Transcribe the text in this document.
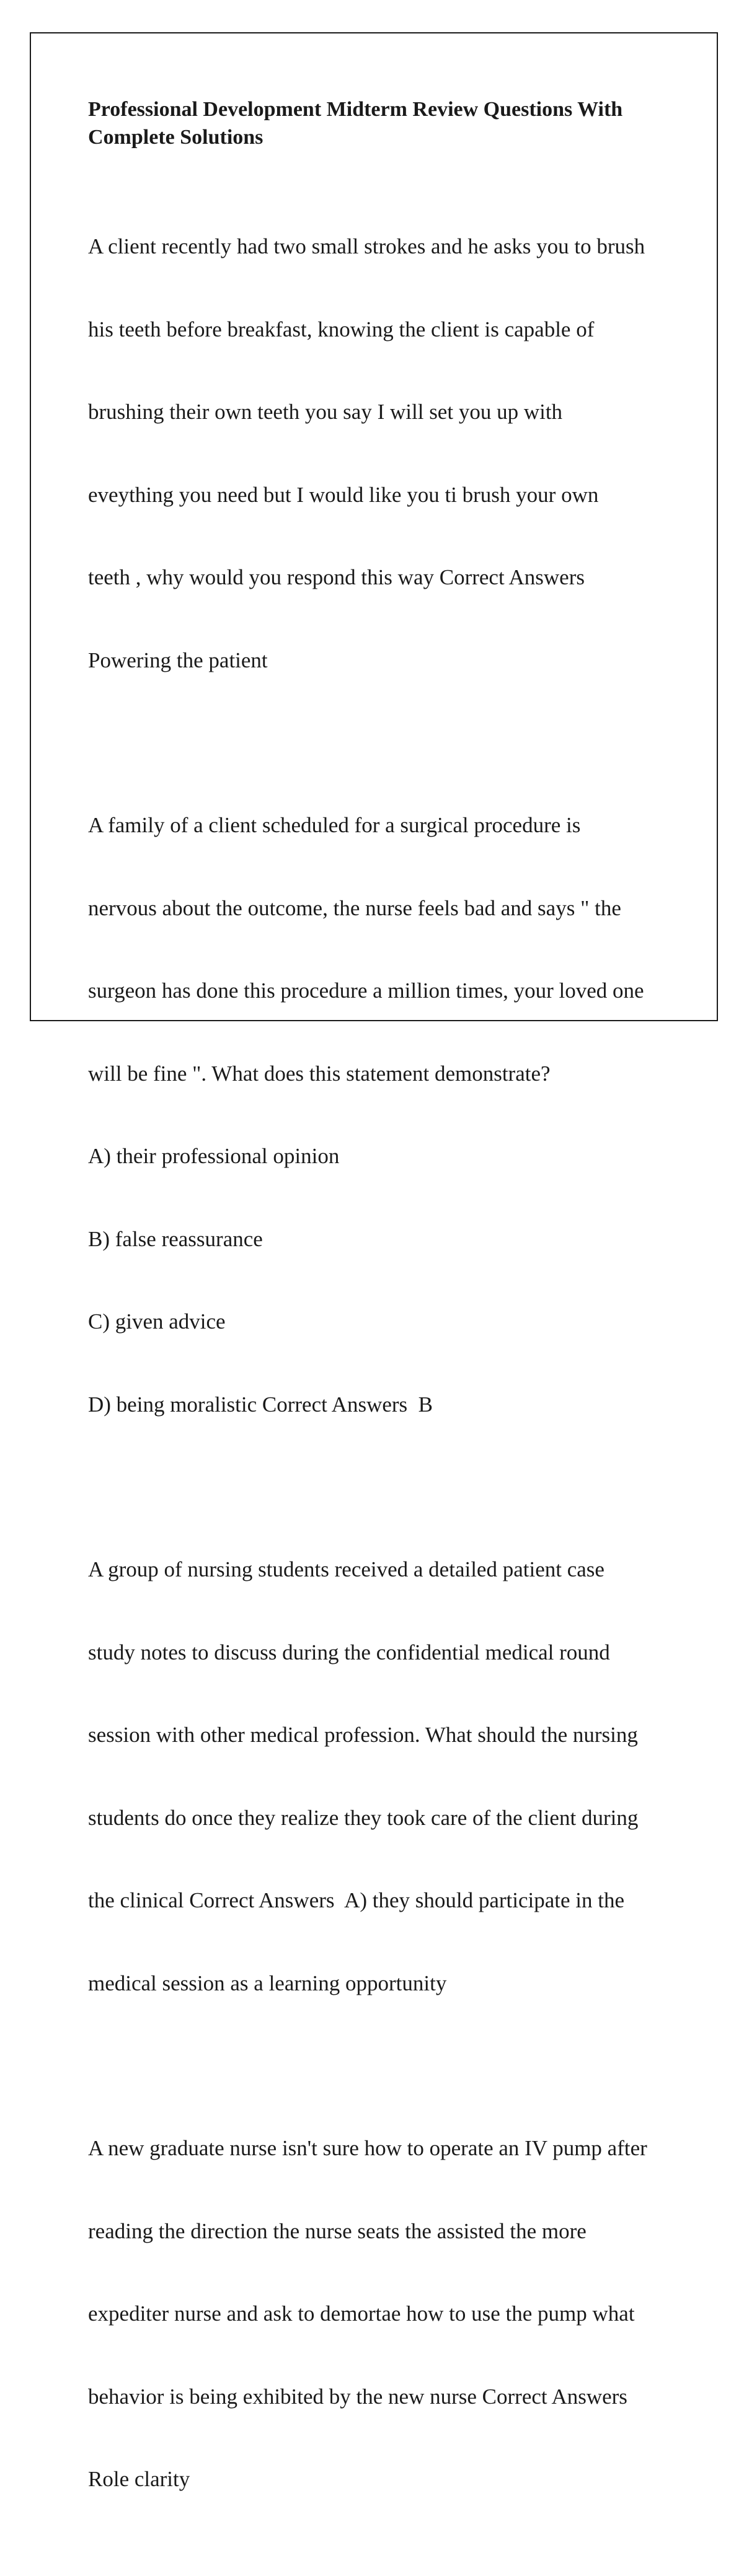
Professional Development Midterm Review Questions With
Complete Solutions

A client recently had two small strokes and he asks you to brush

his teeth before breakfast, knowing the client is capable of

brushing their own teeth you say I will set you up with

eveything you need but I would like you ti brush your own

teeth , why would you respond this way Correct Answers

Powering the patient

A family of a client scheduled for a surgical procedure is

nervous about the outcome, the nurse feels bad and says " the

surgeon has done this procedure a million times, your loved one

will be fine ". What does this statement demonstrate?

A) their professional opinion

B) false reassurance

C) given advice

D) being moralistic Correct Answers  B

A group of nursing students received a detailed patient case

study notes to discuss during the confidential medical round

session with other medical profession. What should the nursing

students do once they realize they took care of the client during

the clinical Correct Answers  A) they should participate in the

medical session as a learning opportunity

A new graduate nurse isn't sure how to operate an IV pump after

reading the direction the nurse seats the assisted the more

expediter nurse and ask to demortae how to use the pump what

behavior is being exhibited by the new nurse Correct Answers

Role clarity
